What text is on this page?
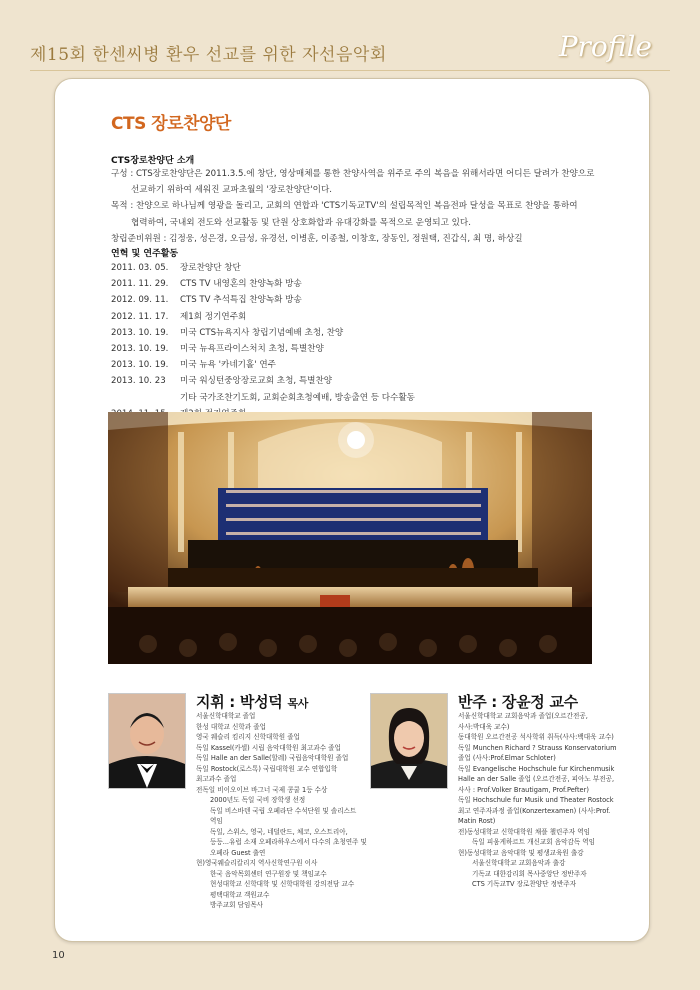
제15회 한센씨병 환우 선교를 위한 자선음악회	Profile
CTS 장로찬양단
CTS장로찬양단 소개
구성 : CTS장로찬양단은 2011.3.5.에 창단, 영상매체를 통한 찬양사역을 위주로 주의 복음을 위해서라면 어디든 달려가 찬양으로
선교하기 위하여 세워진 교파초월의 '장로찬양단'이다.
목적 : 찬양으로 하나님께 영광을 돌리고, 교회의 연합과 'CTS기독교TV'의 설립목적인 복음전파 달성을 목표로 찬양을 통하여
협력하여, 국내외 전도와 선교활동 및 단원 상호화합과 유대강화를 목적으로 운영되고 있다.
창립준비위원 : 김정웅, 성은경, 오금성, 유경선, 이병훈, 이종철, 이창호, 장동인, 정원택, 진갑식, 최 명, 하상길
연혁 및 연주활동
2011. 03. 05.	장로찬양단 창단
2011. 11. 29.	CTS TV 내영혼의 찬양녹화 방송
2012. 09. 11.	CTS TV 추석특집 찬양녹화 방송
2012. 11. 17.	제1회 정기연주회
2013. 10. 19.	미국 CTS뉴욕지사 창립기념예배 초청, 찬양
2013. 10. 19.	미국 뉴욕프라이스처치 초청, 특별찬양
2013. 10. 19.	미국 뉴욕 '카네기홀' 연주
2013. 10. 23	미국 워싱턴중앙장로교회 초청, 특별찬양
기타 국가조찬기도회, 교회순회초청예배, 방송출연 등 다수활동
지휘 : 박성덕 목사
서울신학대학교 졸업
한성 대학교 신학과 졸업
영국 웨슬리 킴리지 신학대학원 졸업
독일 Kassel(카셀) 시립 음악대학원 최고과수 졸업
독일 Halle an der Salle(할레) 국립음악대학원 졸업
독일 Rostock(로스톡) 국립대학원 교수 연합입학
최고과수 졸업
전독일 비이오이브 바그너 국제 콩쿨 1등 수상
2000년도 독일 국비 장학생 선정
독일 비스바덴 국립 오페라단 수석단원 및 솔리스트
역임
독일, 스위스, 영국, 네덜란드, 체코, 오스트리아,
등등...유럽 소재 오페라하우스에서 다수의 초청연주 및
오페라 Guest 출연
현)영국웨슬리칼리지 역사신학연구원 이사
한국 음악목회센터 연구원장 및 책임교수
현성대학교 신학대학 및 신학대학원 강의전담 교수
평택대학교 객원교수
방주교회 담임목사
반주 : 장윤정 교수
서울신학대학교 교회음악과 졸업(오르간전공,
사사:박대욱 교수)
동대학원 오르간전공 석사학위 취득(사사:백대욱 교수)
독일 Munchen Richard ? Strauss Konservatorium
졸업 (사사:Prof.Elmar Schloter)
독일 Evangelische Hochschule fur Kirchenmusik
Halle an der Salle 졸업 (오르간전공, 피아노 부전공,
사사 : Prof.Volker Brautigam, Prof.Pefter)
독일 Hochschule fur Musik und Theater Rostock
최고 연주자과정 졸업(Konzertexamen) (사사:Prof.
Matin Rost)
전)동성대학교 신학대학원 채플 챌린주자 역임
독일 피움게하르트 개신교회 음악감독 역임
현)동성대학교 음악대학 및 평생교육원 출강
서울신학대학교 교회음악과 출강
기독교 대한감리회 목사중앙단 정반주자
CTS 기독교TV 장로찬양단 정반주자
10
